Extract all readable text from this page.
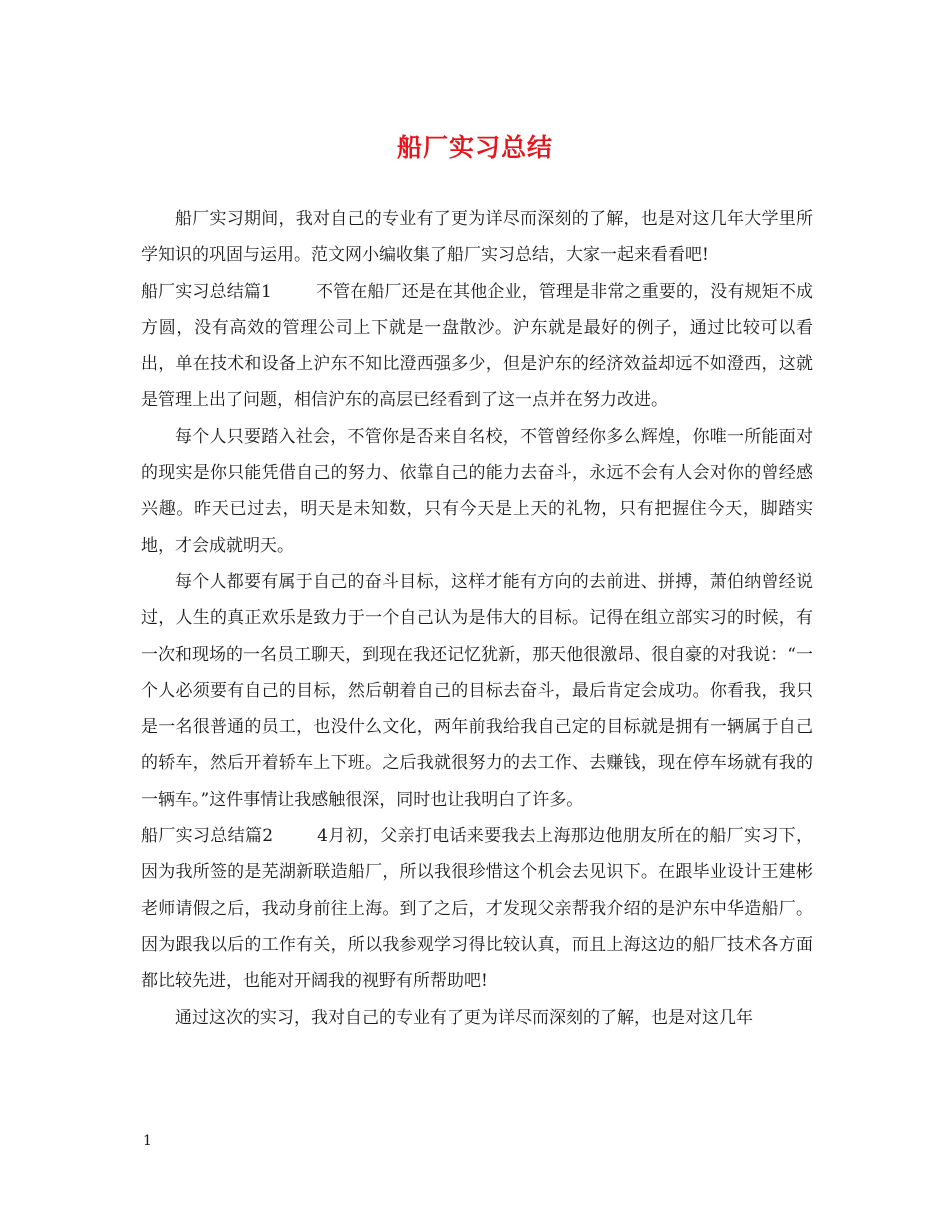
船厂实习总结

船厂实习期间，我对自己的专业有了更为详尽而深刻的了解，也是对这几年大学里所学知识的巩固与运用。范文网小编收集了船厂实习总结，大家一起来看看吧!

船厂实习总结篇1	不管在船厂还是在其他企业，管理是非常之重要的，没有规矩不成方圆，没有高效的管理公司上下就是一盘散沙。沪东就是最好的例子，通过比较可以看出，单在技术和设备上沪东不知比澄西强多少，但是沪东的经济效益却远不如澄西，这就是管理上出了问题，相信沪东的高层已经看到了这一点并在努力改进。

每个人只要踏入社会，不管你是否来自名校，不管曾经你多么辉煌，你唯一所能面对的现实是你只能凭借自己的努力、依靠自己的能力去奋斗，永远不会有人会对你的曾经感兴趣。昨天已过去，明天是未知数，只有今天是上天的礼物，只有把握住今天，脚踏实地，才会成就明天。

每个人都要有属于自己的奋斗目标，这样才能有方向的去前进、拼搏，萧伯纳曾经说过，人生的真正欢乐是致力于一个自己认为是伟大的目标。记得在组立部实习的时候，有一次和现场的一名员工聊天，到现在我还记忆犹新，那天他很激昂、很自豪的对我说：“一个人必须要有自己的目标，然后朝着自己的目标去奋斗，最后肯定会成功。你看我，我只是一名很普通的员工，也没什么文化，两年前我给我自己定的目标就是拥有一辆属于自己的轿车，然后开着轿车上下班。之后我就很努力的去工作、去赚钱，现在停车场就有我的一辆车。”这件事情让我感触很深，同时也让我明白了许多。

船厂实习总结篇2	4月初，父亲打电话来要我去上海那边他朋友所在的船厂实习下，因为我所签的是芜湖新联造船厂，所以我很珍惜这个机会去见识下。在跟毕业设计王建彬老师请假之后，我动身前往上海。到了之后，才发现父亲帮我介绍的是沪东中华造船厂。因为跟我以后的工作有关，所以我参观学习得比较认真，而且上海这边的船厂技术各方面都比较先进，也能对开阔我的视野有所帮助吧!

通过这次的实习，我对自己的专业有了更为详尽而深刻的了解，也是对这几年

1
